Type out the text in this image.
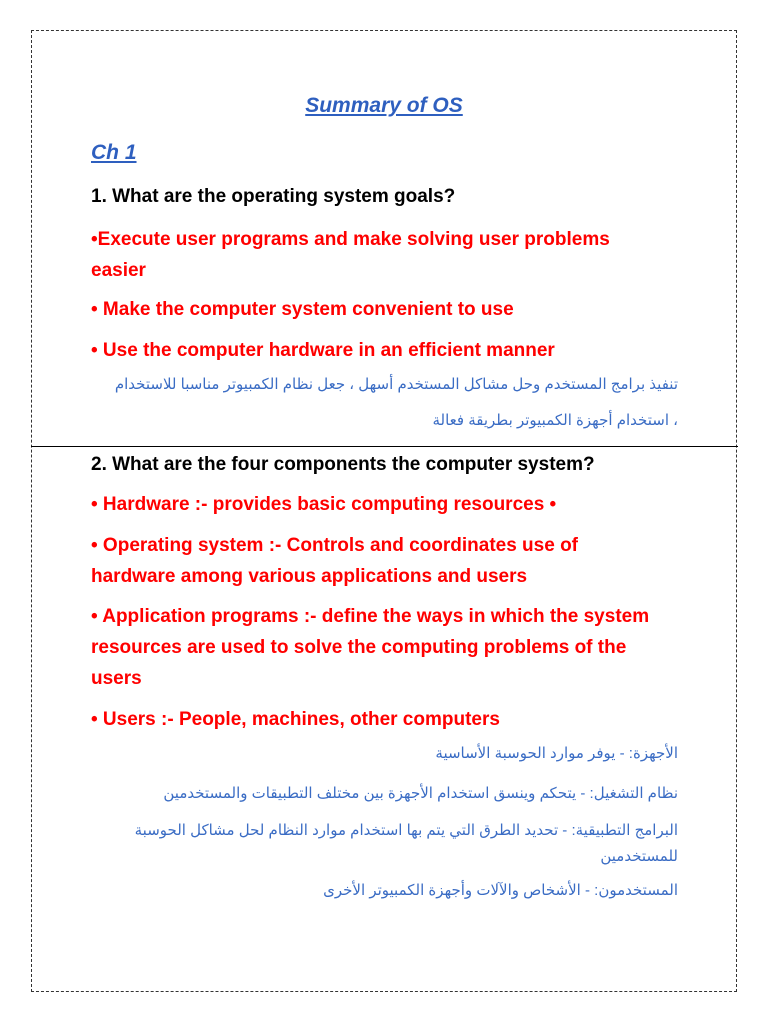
Summary of OS
Ch 1
1. What are the operating system goals?
•Execute user programs and make solving user problems easier
• Make the computer system convenient to use
• Use the computer hardware in an efficient manner
تنفيذ برامج المستخدم وحل مشاكل المستخدم أسهل ، جعل نظام الكمبيوتر مناسبا للاستخدام
، استخدام أجهزة الكمبيوتر بطريقة فعالة
2. What are the four components the computer system?
• Hardware :- provides basic computing resources •
• Operating system :- Controls and coordinates use of hardware among various applications and users
• Application programs :- define the ways in which the system resources are used to solve the computing problems of the users
• Users :- People, machines, other computers
الأجهزة: - يوفر موارد الحوسبة الأساسية
نظام التشغيل: - يتحكم وينسق استخدام الأجهزة بين مختلف التطبيقات والمستخدمين
البرامج التطبيقية: - تحديد الطرق التي يتم بها استخدام موارد النظام لحل مشاكل الحوسبة للمستخدمين
المستخدمون: - الأشخاص والآلات وأجهزة الكمبيوتر الأخرى
